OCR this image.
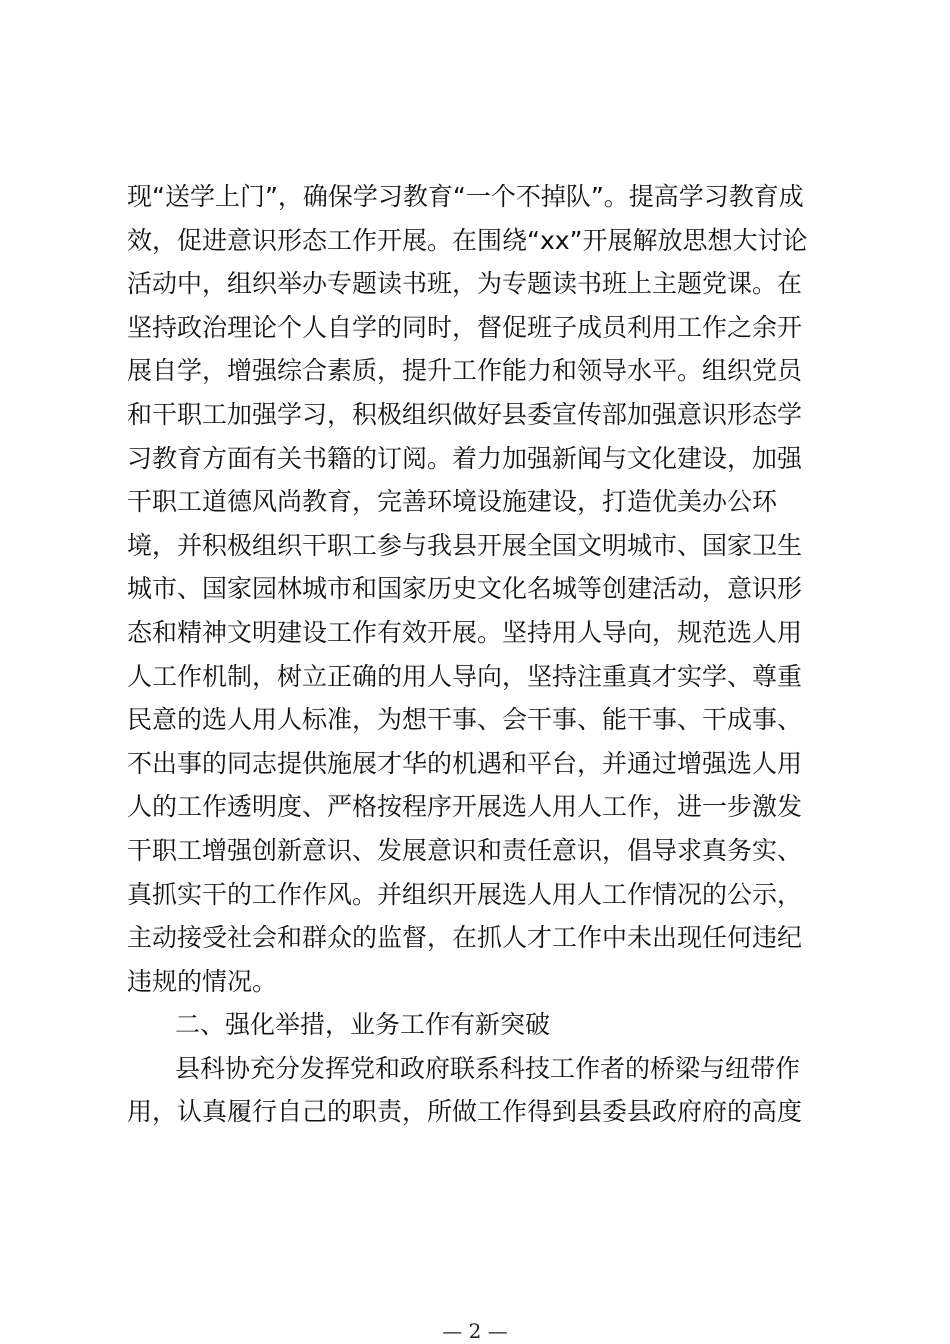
现“送学上门”，确保学习教育“一个不掉队”。提高学习教育成
效，促进意识形态工作开展。在围绕“xx”开展解放思想大讨论
活动中，组织举办专题读书班，为专题读书班上主题党课。在
坚持政治理论个人自学的同时，督促班子成员利用工作之余开
展自学，增强综合素质，提升工作能力和领导水平。组织党员
和干职工加强学习，积极组织做好县委宣传部加强意识形态学
习教育方面有关书籍的订阅。着力加强新闻与文化建设，加强
干职工道德风尚教育，完善环境设施建设，打造优美办公环
境，并积极组织干职工参与我县开展全国文明城市、国家卫生
城市、国家园林城市和国家历史文化名城等创建活动，意识形
态和精神文明建设工作有效开展。坚持用人导向，规范选人用
人工作机制，树立正确的用人导向，坚持注重真才实学、尊重
民意的选人用人标准，为想干事、会干事、能干事、干成事、
不出事的同志提供施展才华的机遇和平台，并通过增强选人用
人的工作透明度、严格按程序开展选人用人工作，进一步激发
干职工增强创新意识、发展意识和责任意识，倡导求真务实、
真抓实干的工作作风。并组织开展选人用人工作情况的公示，
主动接受社会和群众的监督，在抓人才工作中未出现任何违纪
违规的情况。
二、强化举措，业务工作有新突破
县科协充分发挥党和政府联系科技工作者的桥梁与纽带作
用，认真履行自己的职责，所做工作得到县委县政府府的高度
— 2 —
